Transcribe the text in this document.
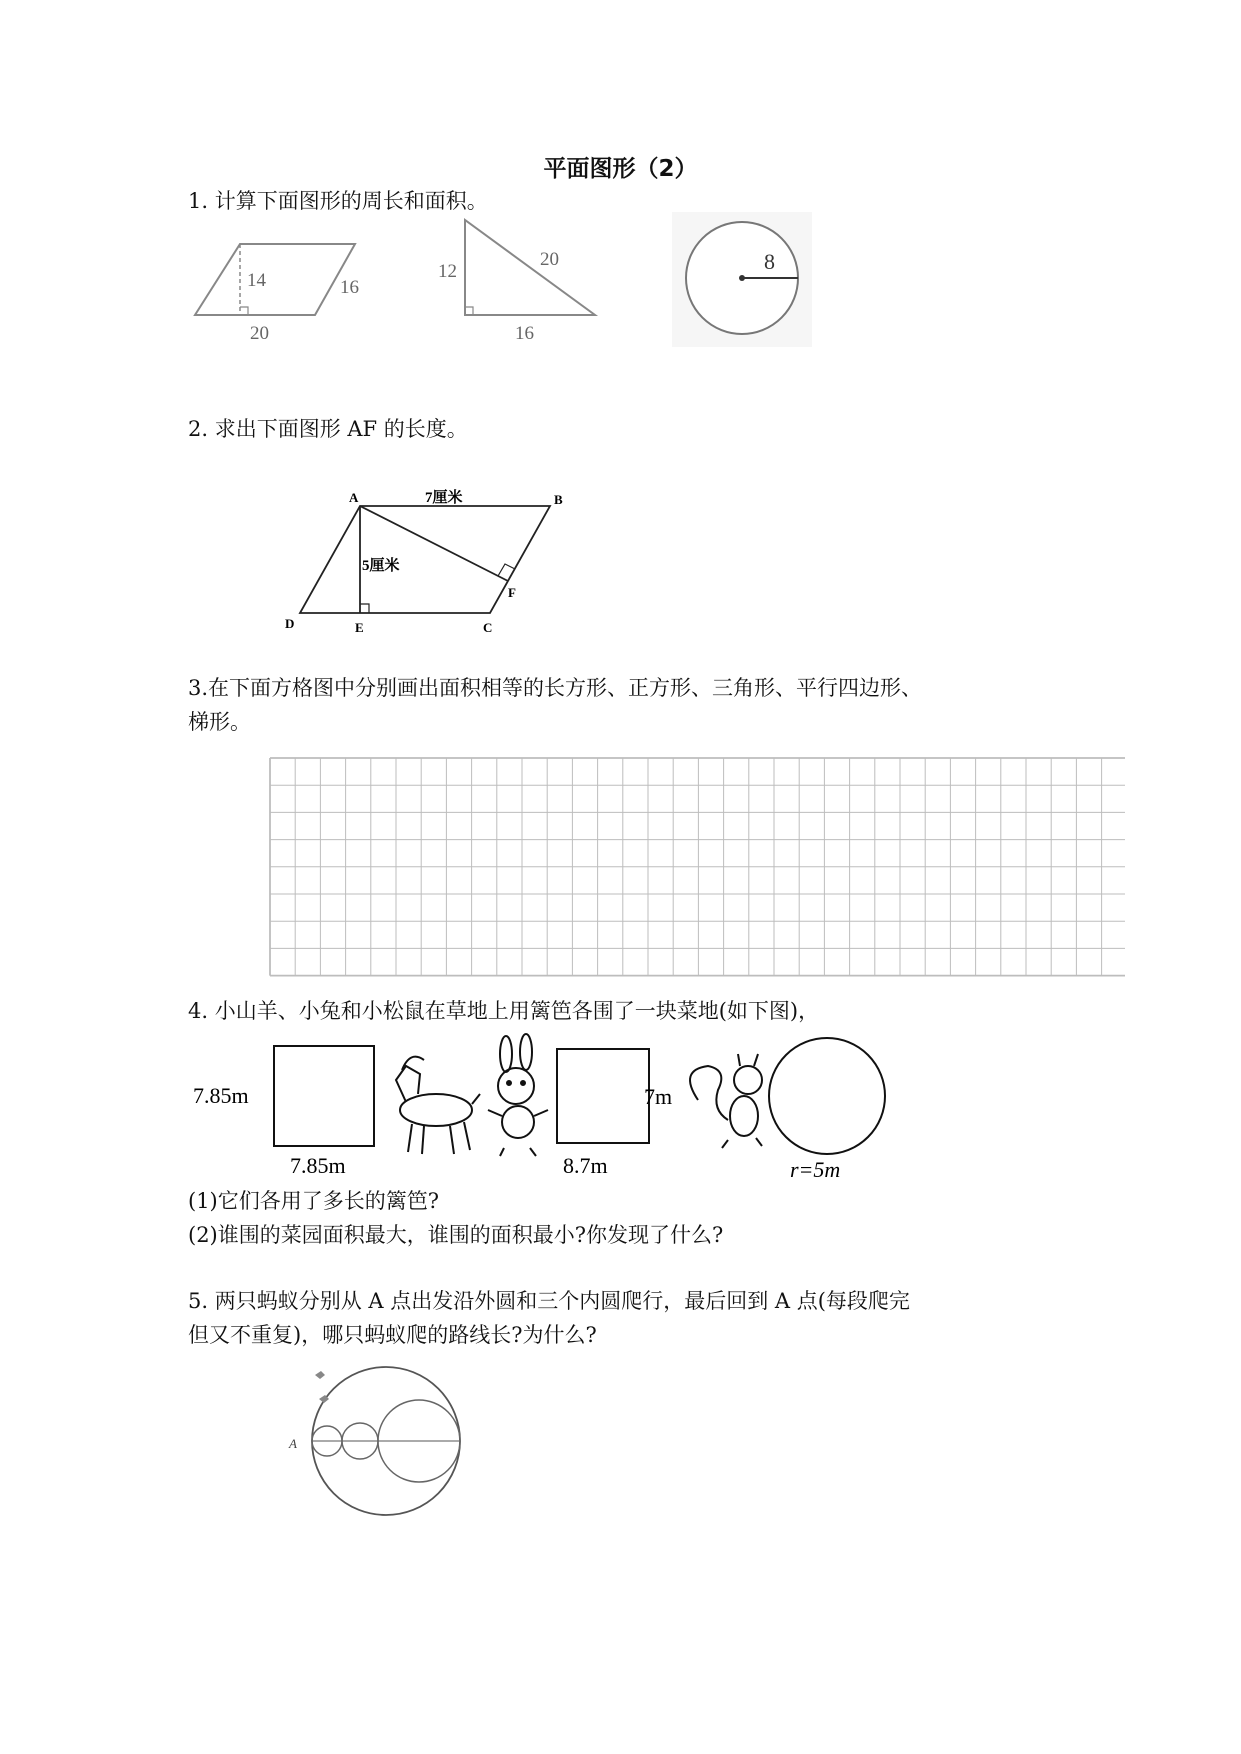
平面图形（2）
1. 计算下面图形的周长和面积。
14	16
20
12
20
16
8
2. 求出下面图形 AF 的长度。
A	B
C
D	E
F
7厘米
5厘米
3.在下面方格图中分别画出面积相等的长方形、正方形、三角形、平行四边形、
梯形。
4. 小山羊、小兔和小松鼠在草地上用篱笆各围了一块菜地(如下图)，
7.85m
7.85m
7m
8.7m	r=5m
(1)它们各用了多长的篱笆?
(2)谁围的菜园面积最大，谁围的面积最小?你发现了什么?
5. 两只蚂蚁分别从 A 点出发沿外圆和三个内圆爬行，最后回到 A 点(每段爬完
但又不重复)，哪只蚂蚁爬的路线长?为什么?
A
